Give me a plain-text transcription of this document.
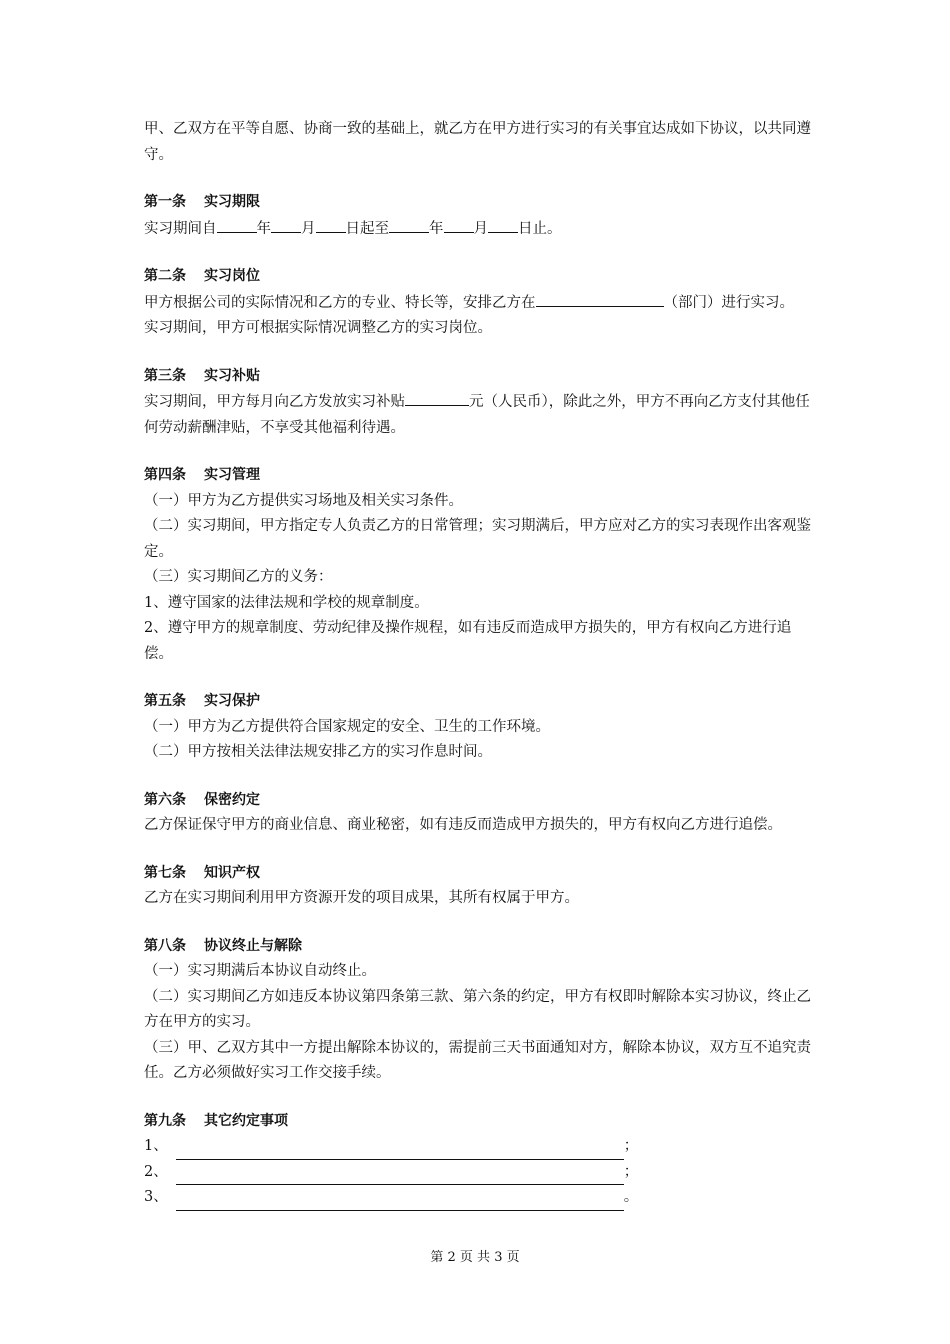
甲、乙双方在平等自愿、协商一致的基础上，就乙方在甲方进行实习的有关事宜达成如下协议，以共同遵守。

第一条 实习期限

实习期间自	年 月 日起至	年 月 日止。

第二条 实习岗位

甲方根据公司的实际情况和乙方的专业、特长等，安排乙方在	（部门）进行实习。

实习期间，甲方可根据实际情况调整乙方的实习岗位。

第三条 实习补贴

实习期间，甲方每月向乙方发放实习补贴	元（人民币），除此之外，甲方不再向乙方支付其他任何劳动薪酬津贴，不享受其他福利待遇。

第四条 实习管理

（一）甲方为乙方提供实习场地及相关实习条件。

（二）实习期间，甲方指定专人负责乙方的日常管理；实习期满后，甲方应对乙方的实习表现作出客观鉴定。

（三）实习期间乙方的义务：

1、遵守国家的法律法规和学校的规章制度。

2、遵守甲方的规章制度、劳动纪律及操作规程，如有违反而造成甲方损失的，甲方有权向乙方进行追偿。

第五条 实习保护

（一）甲方为乙方提供符合国家规定的安全、卫生的工作环境。

（二）甲方按相关法律法规安排乙方的实习作息时间。

第六条 保密约定

乙方保证保守甲方的商业信息、商业秘密，如有违反而造成甲方损失的，甲方有权向乙方进行追偿。

第七条 知识产权

乙方在实习期间利用甲方资源开发的项目成果，其所有权属于甲方。

第八条 协议终止与解除

（一）实习期满后本协议自动终止。

（二）实习期间乙方如违反本协议第四条第三款、第六条的约定，甲方有权即时解除本实习协议，终止乙方在甲方的实习。

（三）甲、乙双方其中一方提出解除本协议的，需提前三天书面通知对方，解除本协议，双方互不追究责任。乙方必须做好实习工作交接手续。

第九条 其它约定事项

1、	；
2、	；
3、	。
第 2 页 共 3 页
